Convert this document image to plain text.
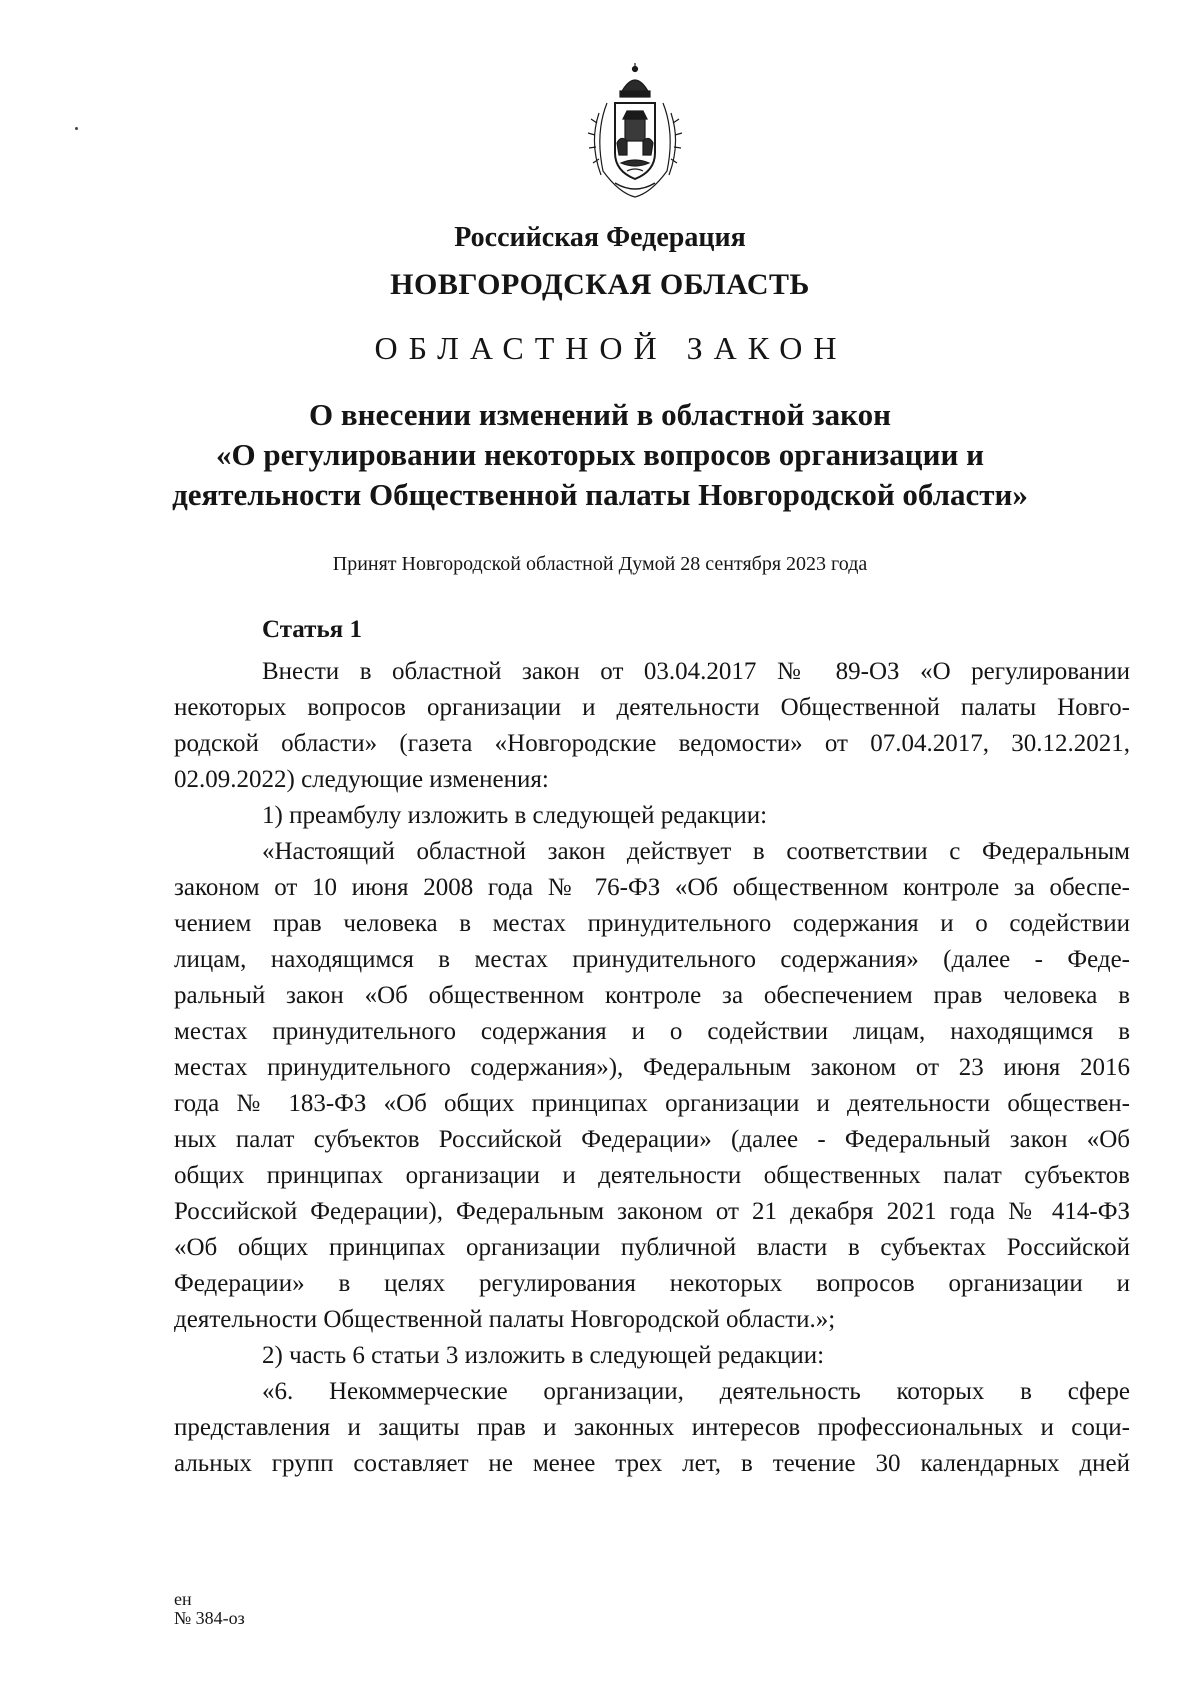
Российская Федерация
НОВГОРОДСКАЯ ОБЛАСТЬ
ОБЛАСТНОЙ ЗАКОН
О внесении изменений в областной закон
«О регулировании некоторых вопросов организации и
деятельности Общественной палаты Новгородской области»
Принят Новгородской областной Думой 28 сентября 2023 года
Статья 1
Внести в областной закон от 03.04.2017 № 89-ОЗ «О регулировании
некоторых вопросов организации и деятельности Общественной палаты Новго-
родской области» (газета «Новгородские ведомости» от 07.04.2017, 30.12.2021,
02.09.2022) следующие изменения:
1) преамбулу изложить в следующей редакции:
«Настоящий областной закон действует в соответствии с Федеральным
законом от 10 июня 2008 года № 76-ФЗ «Об общественном контроле за обеспе-
чением прав человека в местах принудительного содержания и о содействии
лицам, находящимся в местах принудительного содержания» (далее - Феде-
ральный закон «Об общественном контроле за обеспечением прав человека в
местах принудительного содержания и о содействии лицам, находящимся в
местах принудительного содержания»), Федеральным законом от 23 июня 2016
года № 183-ФЗ «Об общих принципах организации и деятельности обществен-
ных палат субъектов Российской Федерации» (далее - Федеральный закон «Об
общих принципах организации и деятельности общественных палат субъектов
Российской Федерации), Федеральным законом от 21 декабря 2021 года № 414-ФЗ
«Об общих принципах организации публичной власти в субъектах Российской
Федерации» в целях регулирования некоторых вопросов организации и
деятельности Общественной палаты Новгородской области.»;
2) часть 6 статьи 3 изложить в следующей редакции:
«6. Некоммерческие организации, деятельность которых в сфере
представления и защиты прав и законных интересов профессиональных и соци-
альных групп составляет не менее трех лет, в течение 30 календарных дней
ен
№ 384-оз
